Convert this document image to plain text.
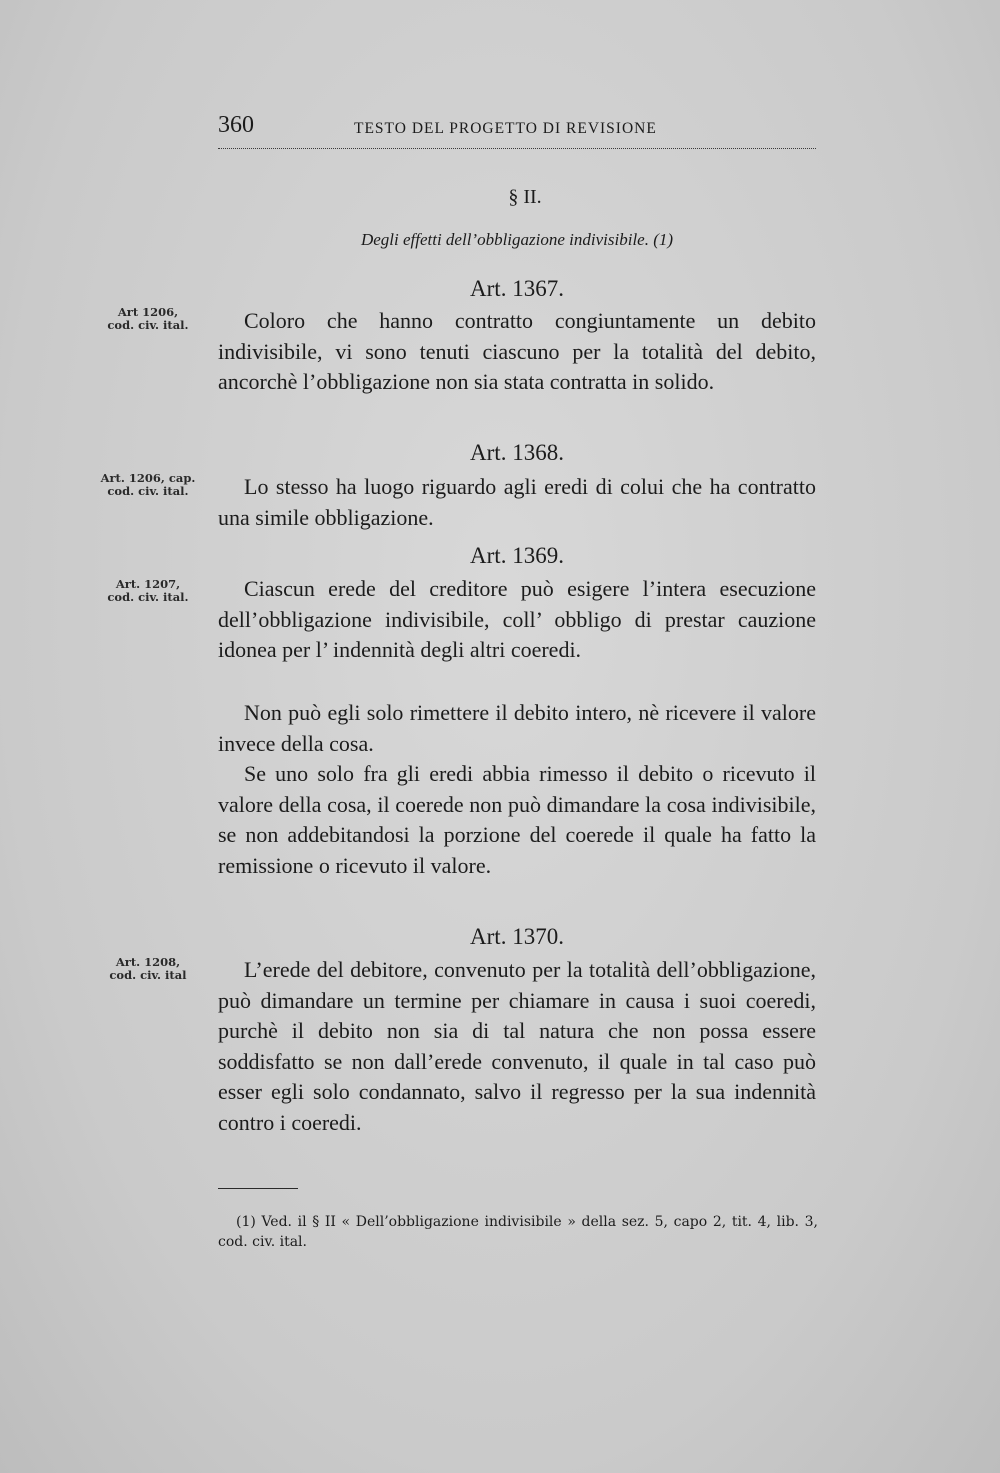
360	TESTO DEL PROGETTO DI REVISIONE
§ II.
Degli effetti dell’obbligazione indivisibile. (1)
Art 1206,
cod. civ. ital.
Art. 1367.
Coloro che hanno contratto congiuntamente un debito indivisibile, vi sono tenuti ciascuno per la totalità del debito, ancorchè l’obbligazione non sia stata contratta in solido.
Art. 1206, cap.
cod. civ. ital.
Art. 1368.
Lo stesso ha luogo riguardo agli eredi di colui che ha contratto una simile obbligazione.
Art. 1207,
cod. civ. ital.
Art. 1369.
Ciascun erede del creditore può esigere l’intera esecuzione dell’obbligazione indivisibile, coll’ obbligo di prestar cauzione idonea per l’ indennità degli altri coeredi.
Non può egli solo rimettere il debito intero, nè ricevere il valore invece della cosa.
Se uno solo fra gli eredi abbia rimesso il debito o ricevuto il valore della cosa, il coerede non può dimandare la cosa indivisibile, se non addebitandosi la porzione del coerede il quale ha fatto la remissione o ricevuto il valore.
Art. 1208,
cod. civ. ital
Art. 1370.
L’erede del debitore, convenuto per la totalità dell’obbligazione, può dimandare un termine per chiamare in causa i suoi coeredi, purchè il debito non sia di tal natura che non possa essere soddisfatto se non dall’erede convenuto, il quale in tal caso può esser egli solo condannato, salvo il regresso per la sua indennità contro i coeredi.
(1) Ved. il § II « Dell’obbligazione indivisibile » della sez. 5, capo 2, tit. 4, lib. 3, cod. civ. ital.
